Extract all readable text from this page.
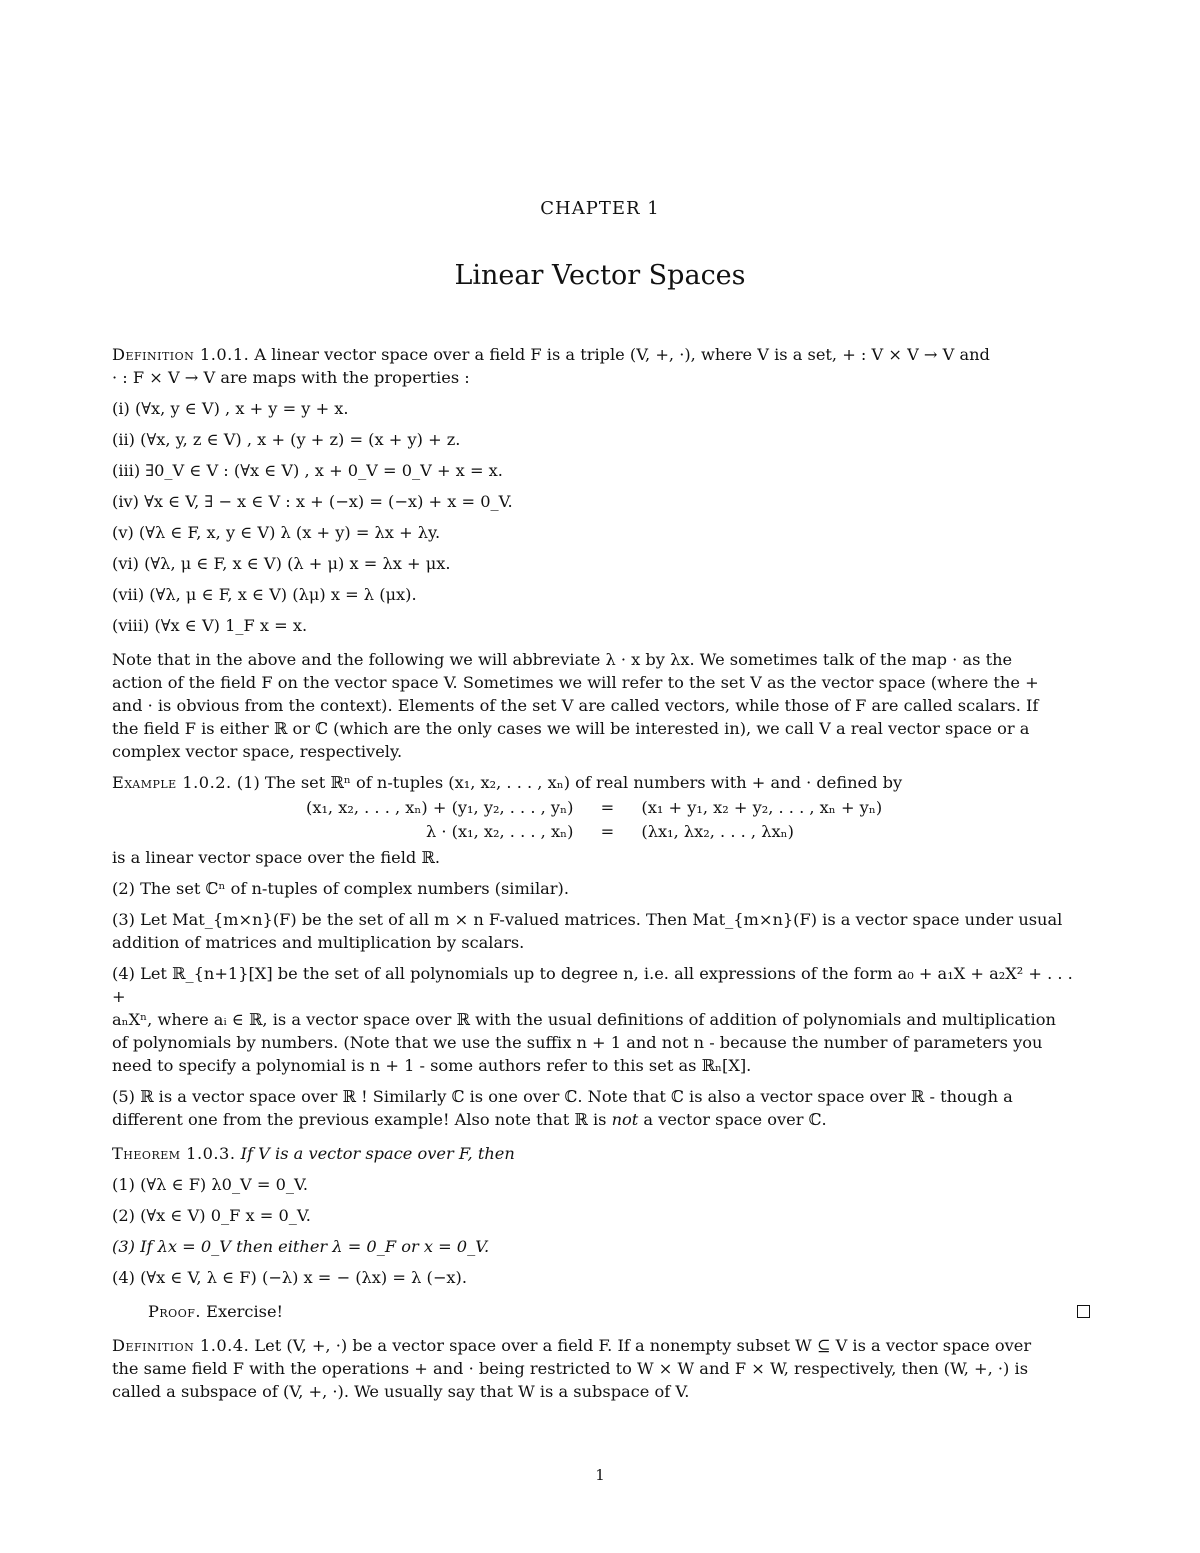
CHAPTER 1
Linear Vector Spaces

Definition 1.0.1. A linear vector space over a field F is a triple (V, +, ·), where V is a set, + : V × V → V and

· : F × V → V are maps with the properties :

(i) (∀x, y ∈ V) , x + y = y + x.

(ii) (∀x, y, z ∈ V) , x + (y + z) = (x + y) + z.

(iii) ∃0_V ∈ V : (∀x ∈ V) , x + 0_V = 0_V + x = x.

(iv) ∀x ∈ V, ∃ − x ∈ V : x + (−x) = (−x) + x = 0_V.

(v) (∀λ ∈ F, x, y ∈ V) λ (x + y) = λx + λy.

(vi) (∀λ, μ ∈ F, x ∈ V) (λ + μ) x = λx + μx.

(vii) (∀λ, μ ∈ F, x ∈ V) (λμ) x = λ (μx).

(viii) (∀x ∈ V) 1_F x = x.

Note that in the above and the following we will abbreviate λ · x by λx. We sometimes talk of the map · as the

action of the field F on the vector space V. Sometimes we will refer to the set V as the vector space (where the +

and · is obvious from the context). Elements of the set V are called vectors, while those of F are called scalars. If

the field F is either ℝ or ℂ (which are the only cases we will be interested in), we call V a real vector space or a

complex vector space, respectively.

Example 1.0.2. (1) The set ℝⁿ of n-tuples (x₁, x₂, . . . , xₙ) of real numbers with + and · defined by

(x₁, x₂, . . . , xₙ) + (y₁, y₂, . . . , yₙ)	=	(x₁ + y₁, x₂ + y₂, . . . , xₙ + yₙ)
λ · (x₁, x₂, . . . , xₙ)	=	(λx₁, λx₂, . . . , λxₙ)

is a linear vector space over the field ℝ.

(2) The set ℂⁿ of n-tuples of complex numbers (similar).

(3) Let Mat_{m×n}(F) be the set of all m × n F-valued matrices. Then Mat_{m×n}(F) is a vector space under usual

addition of matrices and multiplication by scalars.

(4) Let ℝ_{n+1}[X] be the set of all polynomials up to degree n, i.e. all expressions of the form a₀ + a₁X + a₂X² + . . . +

aₙXⁿ, where aᵢ ∈ ℝ, is a vector space over ℝ with the usual definitions of addition of polynomials and multiplication

of polynomials by numbers. (Note that we use the suffix n + 1 and not n - because the number of parameters you

need to specify a polynomial is n + 1 - some authors refer to this set as ℝₙ[X].

(5) ℝ is a vector space over ℝ ! Similarly ℂ is one over ℂ. Note that ℂ is also a vector space over ℝ - though a

different one from the previous example! Also note that ℝ is not a vector space over ℂ.

Theorem 1.0.3. If V is a vector space over F, then

(1) (∀λ ∈ F) λ0_V = 0_V.

(2) (∀x ∈ V) 0_F x = 0_V.

(3) If λx = 0_V then either λ = 0_F or x = 0_V.

(4) (∀x ∈ V, λ ∈ F) (−λ) x = − (λx) = λ (−x).

Proof. Exercise!

Definition 1.0.4. Let (V, +, ·) be a vector space over a field F. If a nonempty subset W ⊆ V is a vector space over

the same field F with the operations + and · being restricted to W × W and F × W, respectively, then (W, +, ·) is

called a subspace of (V, +, ·). We usually say that W is a subspace of V.

1
